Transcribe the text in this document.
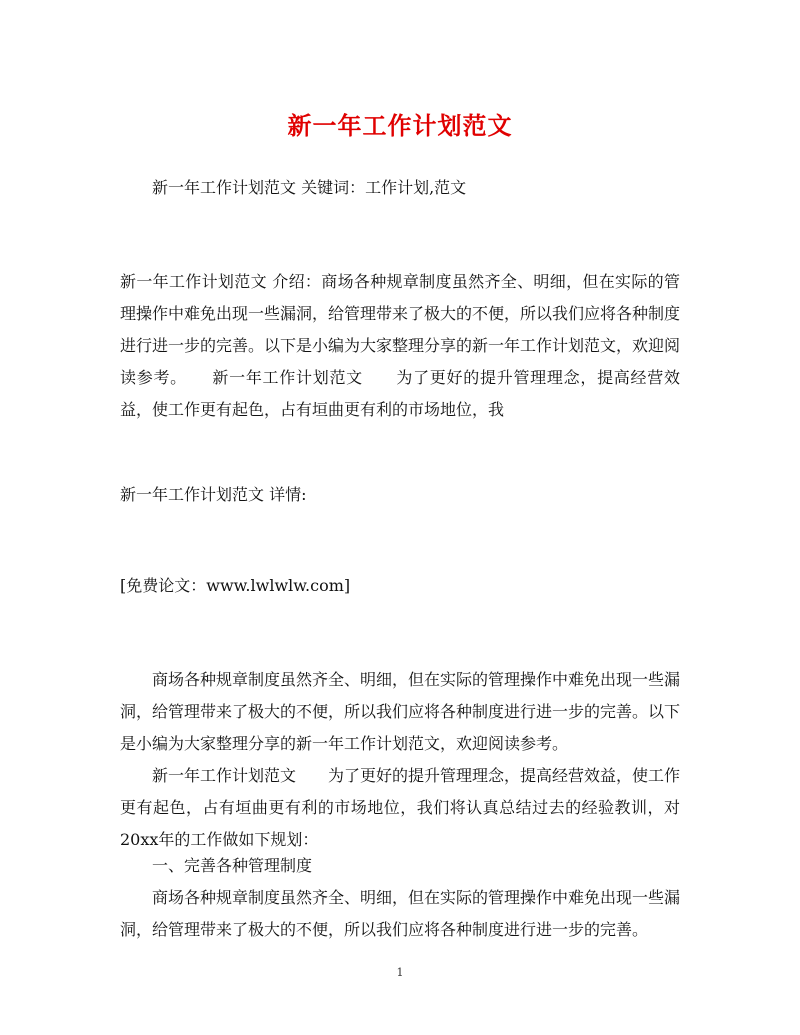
新一年工作计划范文
新一年工作计划范文 关键词：工作计划,范文
新一年工作计划范文 介绍：商场各种规章制度虽然齐全、明细，但在实际的管理操作中难免出现一些漏洞，给管理带来了极大的不便，所以我们应将各种制度进行进一步的完善。以下是小编为大家整理分享的新一年工作计划范文，欢迎阅读参考。　　新一年工作计划范文　　为了更好的提升管理理念，提高经营效益，使工作更有起色，占有垣曲更有利的市场地位，我
新一年工作计划范文 详情:
[免费论文：www.lwlwlw.com]
商场各种规章制度虽然齐全、明细，但在实际的管理操作中难免出现一些漏洞，给管理带来了极大的不便，所以我们应将各种制度进行进一步的完善。以下是小编为大家整理分享的新一年工作计划范文，欢迎阅读参考。
新一年工作计划范文　　为了更好的提升管理理念，提高经营效益，使工作更有起色，占有垣曲更有利的市场地位，我们将认真总结过去的经验教训，对20xx年的工作做如下规划：
一、完善各种管理制度
商场各种规章制度虽然齐全、明细，但在实际的管理操作中难免出现一些漏洞，给管理带来了极大的不便，所以我们应将各种制度进行进一步的完善。
1
